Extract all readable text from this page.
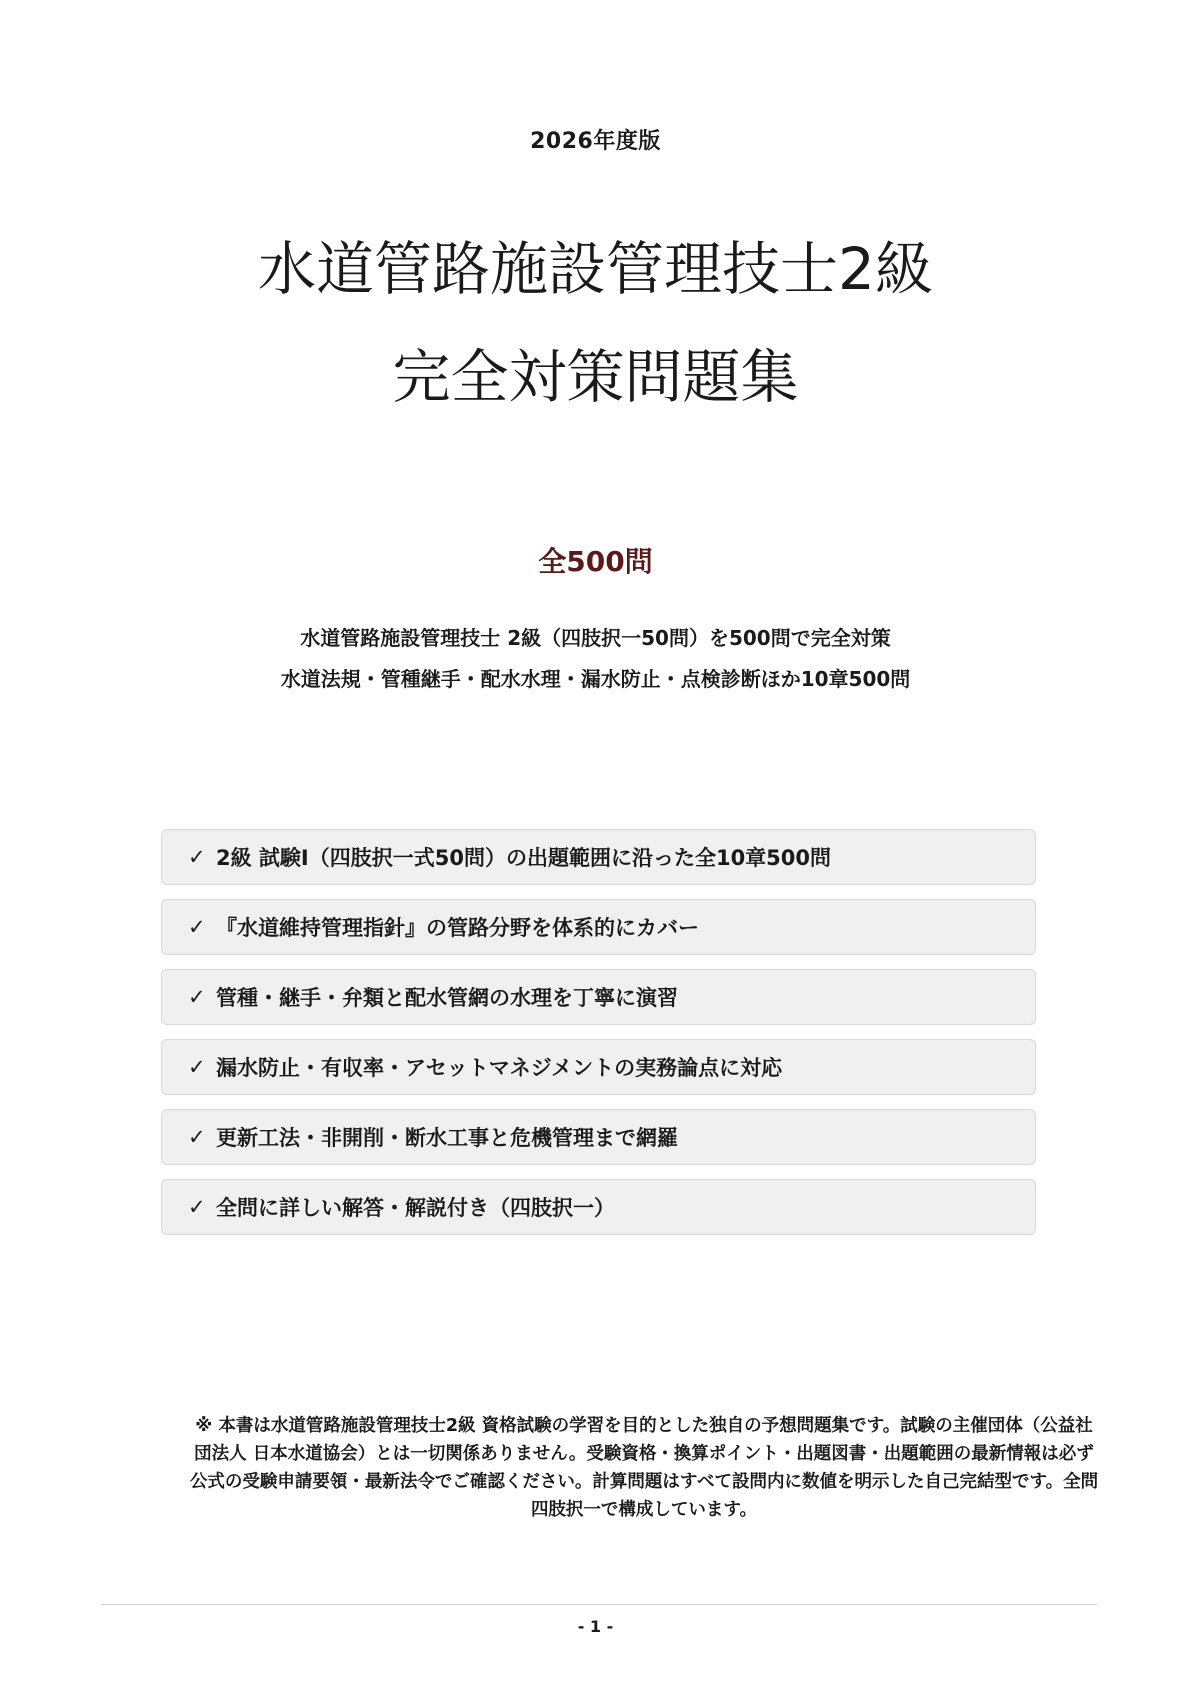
2026年度版
水道管路施設管理技士2級
完全対策問題集
全500問
水道管路施設管理技士 2級（四肢択一50問）を500問で完全対策
水道法規・管種継手・配水水理・漏水防止・点検診断ほか10章500問
✓ 2級 試験Ⅰ（四肢択一式50問）の出題範囲に沿った全10章500問
✓ 『水道維持管理指針』の管路分野を体系的にカバー
✓ 管種・継手・弁類と配水管網の水理を丁寧に演習
✓ 漏水防止・有収率・アセットマネジメントの実務論点に対応
✓ 更新工法・非開削・断水工事と危機管理まで網羅
✓ 全問に詳しい解答・解説付き（四肢択一）
※ 本書は水道管路施設管理技士2級 資格試験の学習を目的とした独自の予想問題集です。試験の主催団体（公益社団法人 日本水道協会）とは一切関係ありません。受験資格・換算ポイント・出題図書・出題範囲の最新情報は必ず公式の受験申請要領・最新法令でご確認ください。計算問題はすべて設問内に数値を明示した自己完結型です。全問四肢択一で構成しています。
- 1 -
